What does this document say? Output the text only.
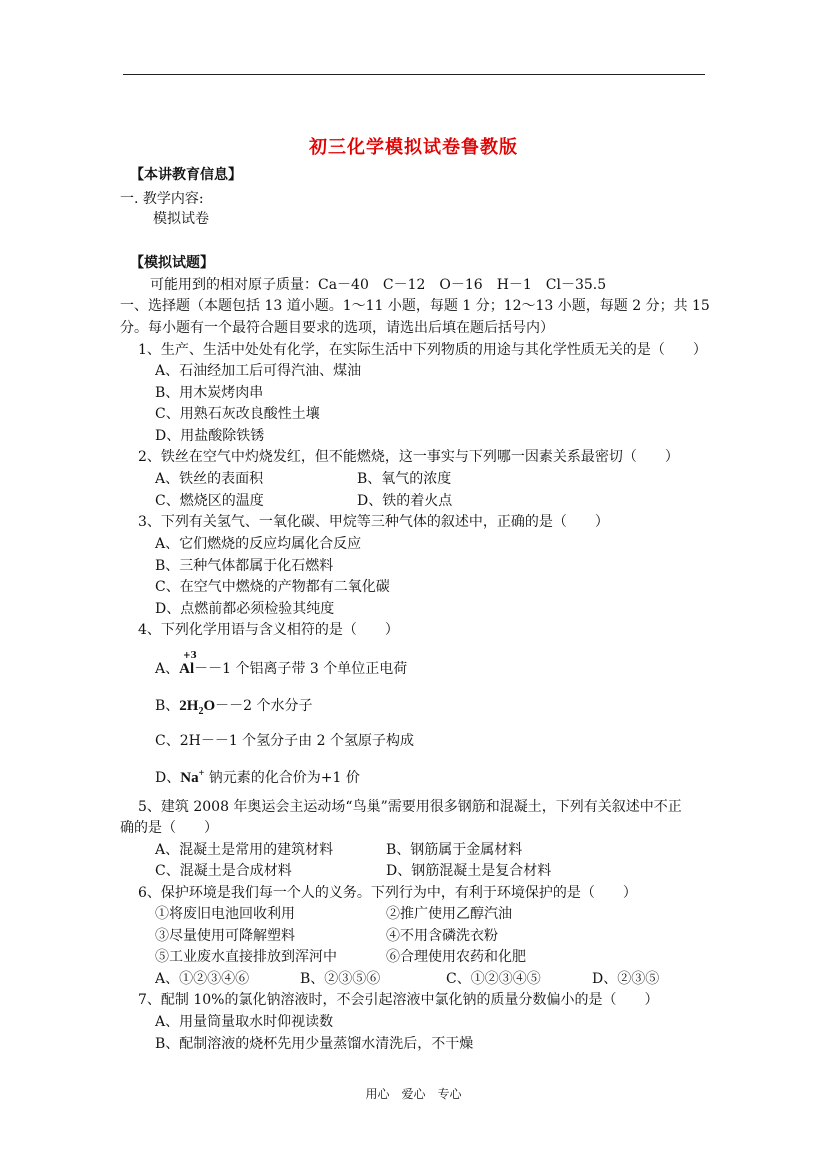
初三化学模拟试卷鲁教版
【本讲教育信息】
一. 教学内容:
模拟试卷
【模拟试题】
可能用到的相对原子质量：Ca－40　C－12　O－16　H－1　Cl－35.5
一、选择题（本题包括 13 道小题。1～11 小题，每题 1 分；12～13 小题，每题 2 分；共 15
分。每小题有一个最符合题目要求的选项，请选出后填在题后括号内）
1、生产、生活中处处有化学，在实际生活中下列物质的用途与其化学性质无关的是（　　）
A、石油经加工后可得汽油、煤油
B、用木炭烤肉串
C、用熟石灰改良酸性土壤
D、用盐酸除铁锈
2、铁丝在空气中灼烧发红，但不能燃烧，这一事实与下列哪一因素关系最密切（　　）
A、铁丝的表面积	B、氧气的浓度
C、燃烧区的温度	D、铁的着火点
3、下列有关氢气、一氧化碳、甲烷等三种气体的叙述中，正确的是（　　）
A、它们燃烧的反应均属化合反应
B、三种气体都属于化石燃料
C、在空气中燃烧的产物都有二氧化碳
D、点燃前都必须检验其纯度
4、下列化学用语与含义相符的是（　　）
A、Al－－1 个铝离子带 3 个单位正电荷
+3
B、$2H_2O--2$ 个水分子
C、2H－－1 个氢分子由 2 个氢原子构成
D、Na+ 钠元素的化合价为+1 价
5、建筑 2008 年奥运会主运动场“鸟巢”需要用很多钢筋和混凝土，下列有关叙述中不正
确的是（　　）
A、混凝土是常用的建筑材料	B、钢筋属于金属材料
C、混凝土是合成材料	D、钢筋混凝土是复合材料
6、保护环境是我们每一个人的义务。下列行为中，有利于环境保护的是（　　）
①将废旧电池回收利用	②推广使用乙醇汽油
③尽量使用可降解塑料	④不用含磷洗衣粉
⑤工业废水直接排放到浑河中	⑥合理使用农药和化肥
A、①②③④⑥	B、②③⑤⑥	C、①②③④⑤	D、②③⑤
7、配制 10%的氯化钠溶液时，不会引起溶液中氯化钠的质量分数偏小的是（　　）
A、用量筒量取水时仰视读数
B、配制溶液的烧杯先用少量蒸馏水清洗后，不干燥
用心　爱心　专心
